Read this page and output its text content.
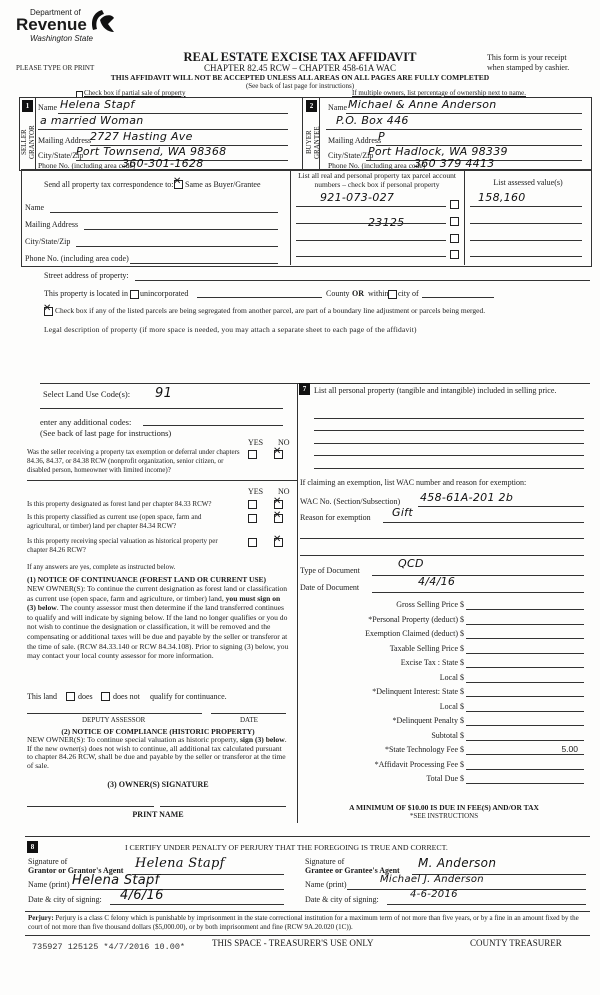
Department of
Revenue
Washington State
REAL ESTATE EXCISE TAX AFFIDAVIT
CHAPTER 82.45 RCW – CHAPTER 458-61A WAC
PLEASE TYPE OR PRINT
This form is your receipt
when stamped by cashier.
THIS AFFIDAVIT WILL NOT BE ACCEPTED UNLESS ALL AREAS ON ALL PAGES ARE FULLY COMPLETED
(See back of last page for instructions)
Check box if partial sale of property	If multiple owners, list percentage of ownership next to name.
1
SELLER
GRANTOR
Name Helena Stapf
a married Woman
Mailing Address
2727 Hasting Ave
City/State/Zip
Port Townsend, WA 98368
Phone No. (including area code)
360-301-1628
2
BUYER
GRANTEE
Name Michael & Anne Anderson
P.O. Box 446
Mailing Address
P
City/State/Zip
Port Hadlock, WA 98339
Phone No. (including area code)
360 379 4413
Send all property tax correspondence to: ✕ Same as Buyer/Grantee
Name
Mailing Address
City/State/Zip
Phone No. (including area code)
List all real and personal property tax parcel account numbers – check box if personal property	List assessed value(s)
921-073-027
23125
158,160
Street address of property:
This property is located in unincorporated	County OR within city of
✕
Check box if any of the listed parcels are being segregated from another parcel, are part of a boundary line adjustment or parcels being merged.
Legal description of property (if more space is needed, you may attach a separate sheet to each page of the affidavit)
Select Land Use Code(s): 91
enter any additional codes:
(See back of last page for instructions)
YES NO
Was the seller receiving a property tax exemption or deferral under chapters 84.36, 84.37, or 84.38 RCW (nonprofit organization, senior citizen, or disabled person, homeowner with limited income)?
✕
YES NO
Is this property designated as forest land per chapter 84.33 RCW?
✕
Is this property classified as current use (open space, farm and agricultural, or timber) land per chapter 84.34 RCW?
✕
Is this property receiving special valuation as historical property per chapter 84.26 RCW?
✕
If any answers are yes, complete as instructed below.
(1) NOTICE OF CONTINUANCE (FOREST LAND OR CURRENT USE)
NEW OWNER(S): To continue the current designation as forest land or classification as current use (open space, farm and agriculture, or timber) land, you must sign on (3) below. The county assessor must then determine if the land transferred continues to qualify and will indicate by signing below. If the land no longer qualifies or you do not wish to continue the designation or classification, it will be removed and the compensating or additional taxes will be due and payable by the seller or transferor at the time of sale. (RCW 84.33.140 or RCW 84.34.108). Prior to signing (3) below, you may contact your local county assessor for more information.
This land	does	does not qualify for continuance.
DEPUTY ASSESSOR	DATE
(2) NOTICE OF COMPLIANCE (HISTORIC PROPERTY)
NEW OWNER(S): To continue special valuation as historic property, sign (3) below. If the new owner(s) does not wish to continue, all additional tax calculated pursuant to chapter 84.26 RCW, shall be due and payable by the seller or transferor at the time of sale.
(3) OWNER(S) SIGNATURE
PRINT NAME
7 List all personal property (tangible and intangible) included in selling price.
If claiming an exemption, list WAC number and reason for exemption:
WAC No. (Section/Subsection) 458-61A-201 2b
Reason for exemption Gift
Type of Document
QCD
Date of Document	4/4/16
Gross Selling Price $
*Personal Property (deduct) $
Exemption Claimed (deduct) $
Taxable Selling Price $
Excise Tax : State $
Local $
*Delinquent Interest: State $
Local $
*Delinquent Penalty $
Subtotal $
*State Technology Fee $	5.00
*Affidavit Processing Fee $
Total Due $
A MINIMUM OF $10.00 IS DUE IN FEE(S) AND/OR TAX
*SEE INSTRUCTIONS
8	I CERTIFY UNDER PENALTY OF PERJURY THAT THE FOREGOING IS TRUE AND CORRECT.
Signature of
Grantor or Grantor's Agent Helena Stapf
Name (print) Helena Stapf
Date & city of signing: 4/6/16
Signature of
Grantee or Grantee's Agent
M. Anderson
Name (print)	Michael J. Anderson
Date & city of signing:	4-6-2016
Perjury: Perjury is a class C felony which is punishable by imprisonment in the state correctional institution for a maximum term of not more than five years, or by a fine in an amount fixed by the court of not more than five thousand dollars ($5,000.00), or by both imprisonment and fine (RCW 9A.20.020 (1C)).
735927 125125 *4/7/2016 10.00*	THIS SPACE - TREASURER'S USE ONLY	COUNTY TREASURER
